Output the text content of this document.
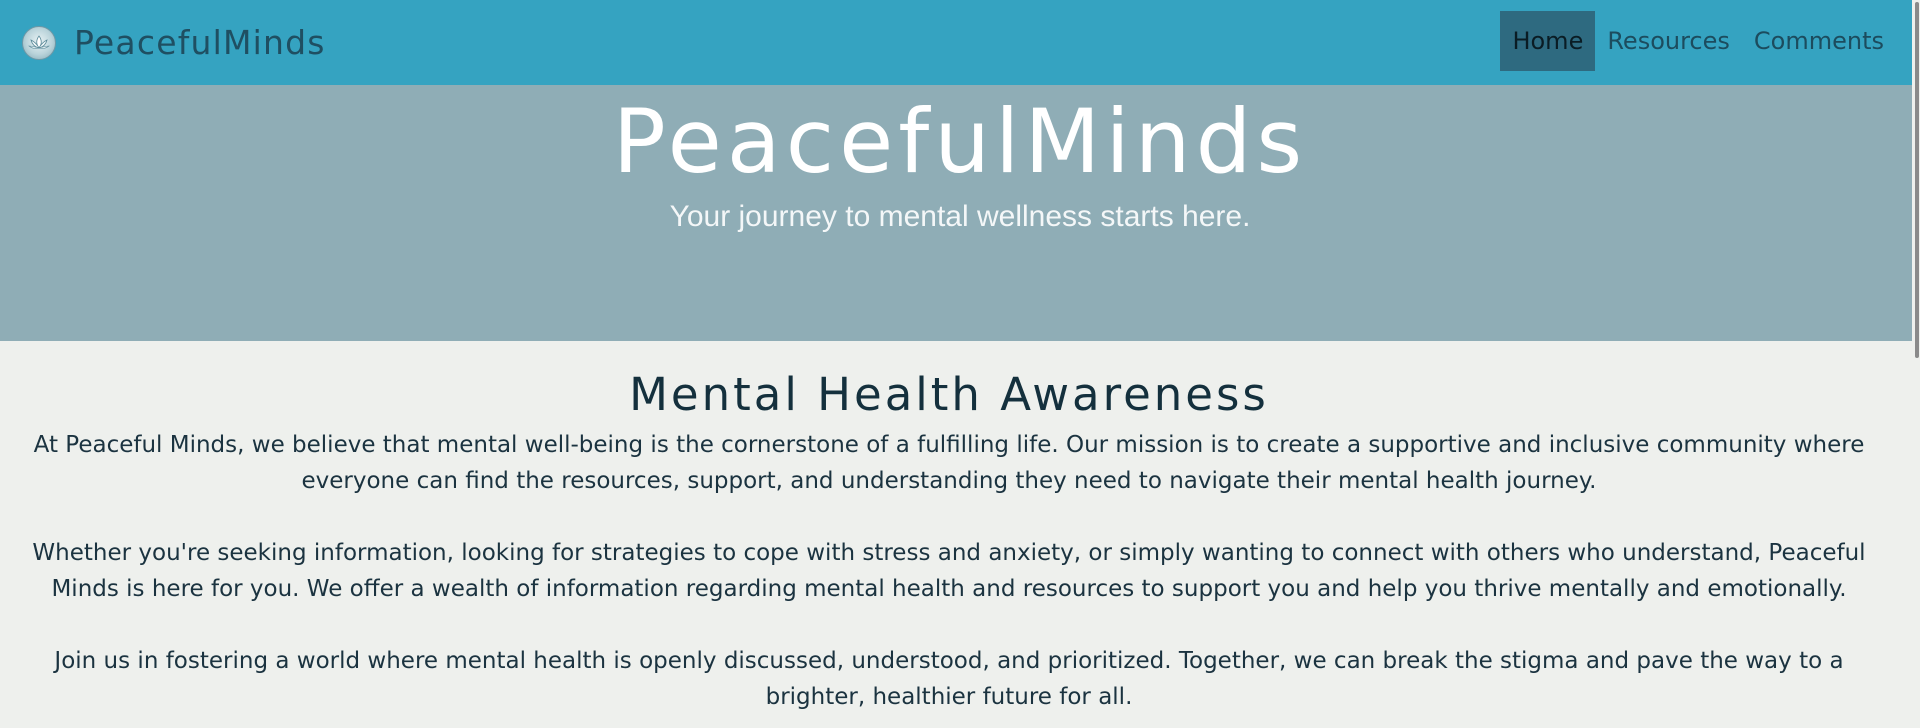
PeacefulMinds	Home	Resources	Comments
PeacefulMinds

Your journey to mental wellness starts here.

Mental Health Awareness

At Peaceful Minds, we believe that mental well-being is the cornerstone of a fulfilling life. Our mission is to create a supportive and inclusive community where everyone can find the resources, support, and understanding they need to navigate their mental health journey.

Whether you're seeking information, looking for strategies to cope with stress and anxiety, or simply wanting to connect with others who understand, Peaceful Minds is here for you. We offer a wealth of information regarding mental health and resources to support you and help you thrive mentally and emotionally.

Join us in fostering a world where mental health is openly discussed, understood, and prioritized. Together, we can break the stigma and pave the way to a brighter, healthier future for all.
